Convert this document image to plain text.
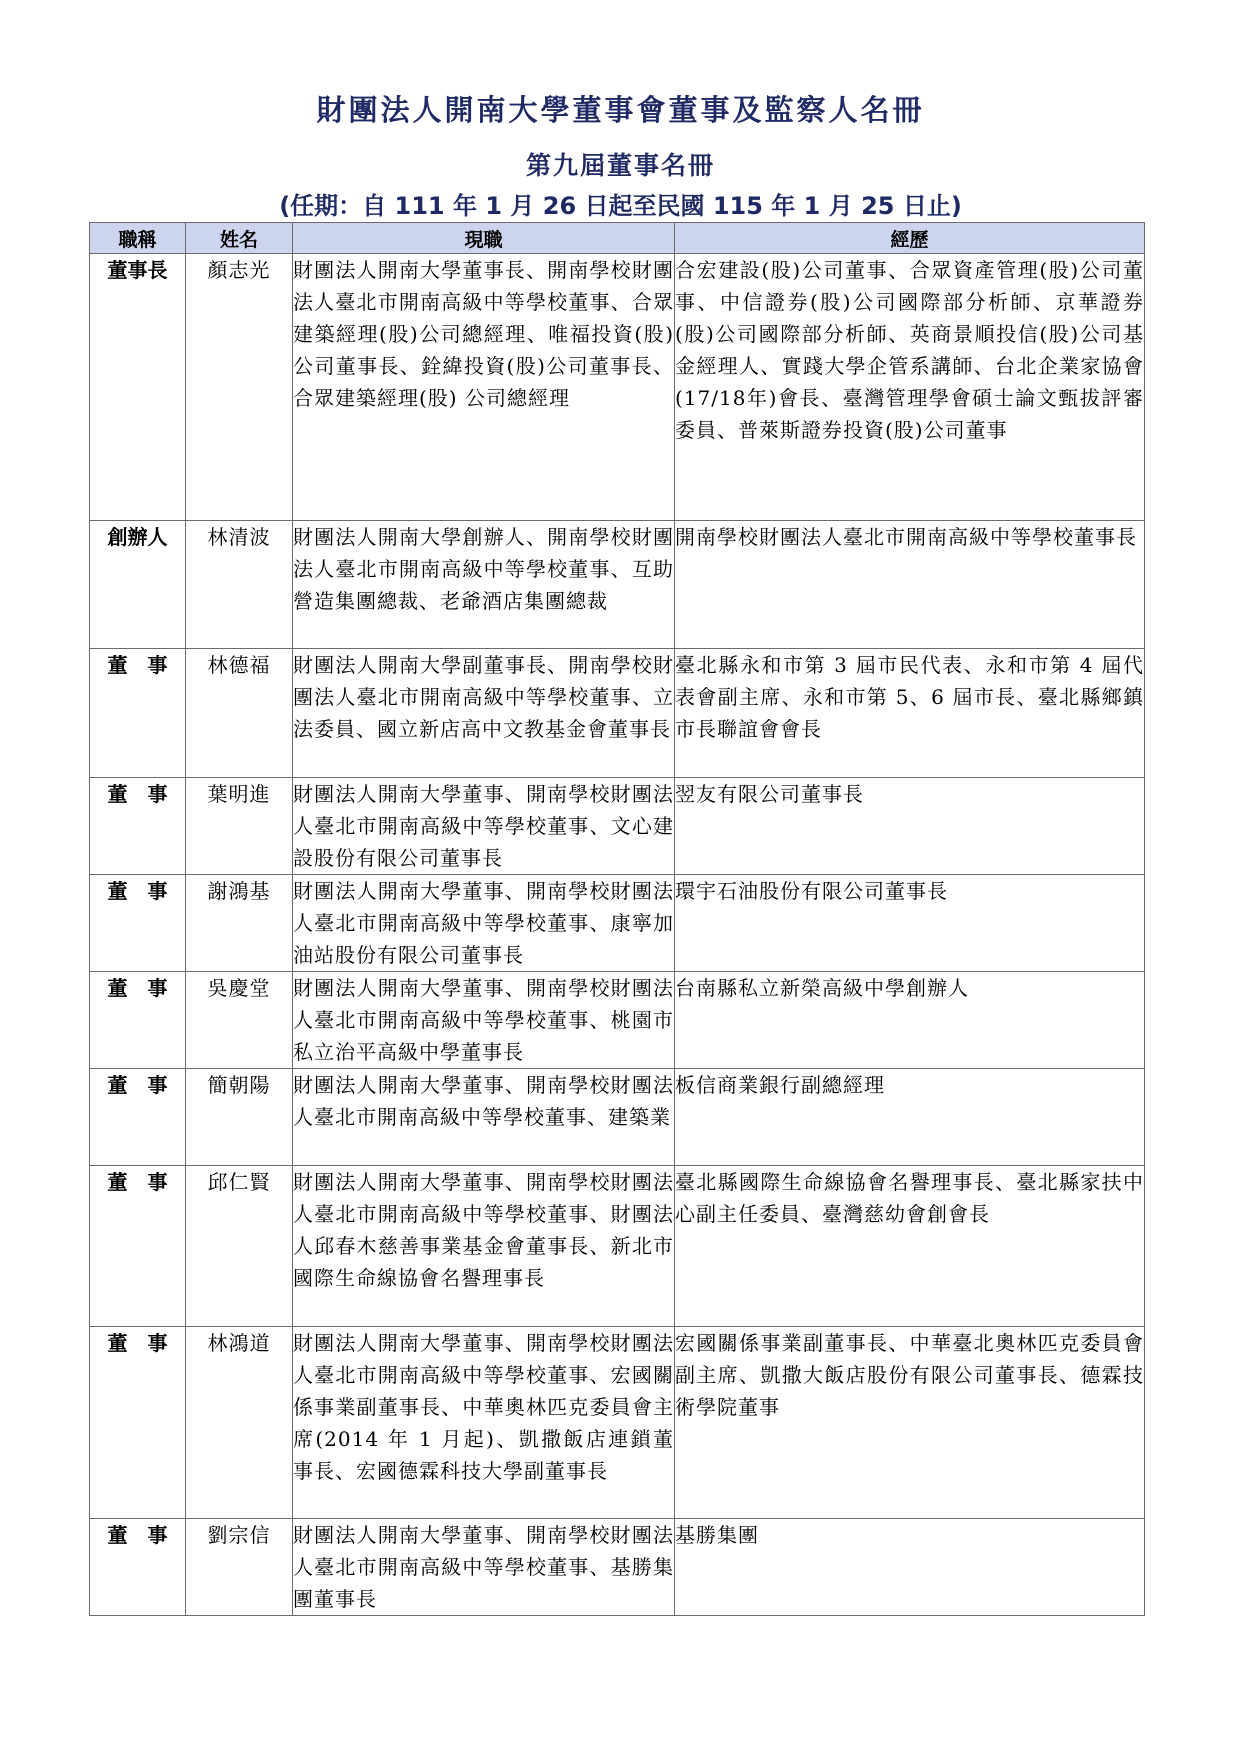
財團法人開南大學董事會董事及監察人名冊
第九屆董事名冊
(任期：自 111 年 1 月 26 日起至民國 115 年 1 月 25 日止)
職稱	姓名	現職	經歷
董事長	顏志光	財團法人開南大學董事長、開南學校財團法人臺北市開南高級中等學校董事、合眾建築經理(股)公司總經理、唯福投資(股)公司董事長、銓緯投資(股)公司董事長、合眾建築經理(股) 公司總經理	合宏建設(股)公司董事、合眾資產管理(股)公司董事、中信證券(股)公司國際部分析師、京華證券(股)公司國際部分析師、英商景順投信(股)公司基金經理人、實踐大學企管系講師、台北企業家協會(17/18年)會長、臺灣管理學會碩士論文甄拔評審委員、普萊斯證券投資(股)公司董事
創辦人	林清波	財團法人開南大學創辦人、開南學校財團法人臺北市開南高級中等學校董事、互助營造集團總裁、老爺酒店集團總裁	開南學校財團法人臺北市開南高級中等學校董事長
董　事	林德福	財團法人開南大學副董事長、開南學校財團法人臺北市開南高級中等學校董事、立法委員、國立新店高中文教基金會董事長	臺北縣永和市第 3 屆市民代表、永和市第 4 屆代表會副主席、永和市第 5、6 屆市長、臺北縣鄉鎮市長聯誼會會長
董　事	葉明進	財團法人開南大學董事、開南學校財團法人臺北市開南高級中等學校董事、文心建設股份有限公司董事長	翌友有限公司董事長
董　事	謝鴻基	財團法人開南大學董事、開南學校財團法人臺北市開南高級中等學校董事、康寧加油站股份有限公司董事長	環宇石油股份有限公司董事長
董　事	吳慶堂	財團法人開南大學董事、開南學校財團法人臺北市開南高級中等學校董事、桃園市私立治平高級中學董事長	台南縣私立新榮高級中學創辦人
董　事	簡朝陽	財團法人開南大學董事、開南學校財團法人臺北市開南高級中等學校董事、建築業	板信商業銀行副總經理
董　事	邱仁賢	財團法人開南大學董事、開南學校財團法人臺北市開南高級中等學校董事、財團法人邱春木慈善事業基金會董事長、新北市國際生命線協會名譽理事長	臺北縣國際生命線協會名譽理事長、臺北縣家扶中心副主任委員、臺灣慈幼會創會長
董　事	林鴻道	財團法人開南大學董事、開南學校財團法人臺北市開南高級中等學校董事、宏國關係事業副董事長、中華奧林匹克委員會主席(2014 年 1 月起)、凱撒飯店連鎖董事長、宏國德霖科技大學副董事長	宏國關係事業副董事長、中華臺北奧林匹克委員會副主席、凱撒大飯店股份有限公司董事長、德霖技術學院董事
董　事	劉宗信	財團法人開南大學董事、開南學校財團法人臺北市開南高級中等學校董事、基勝集團董事長	基勝集團
